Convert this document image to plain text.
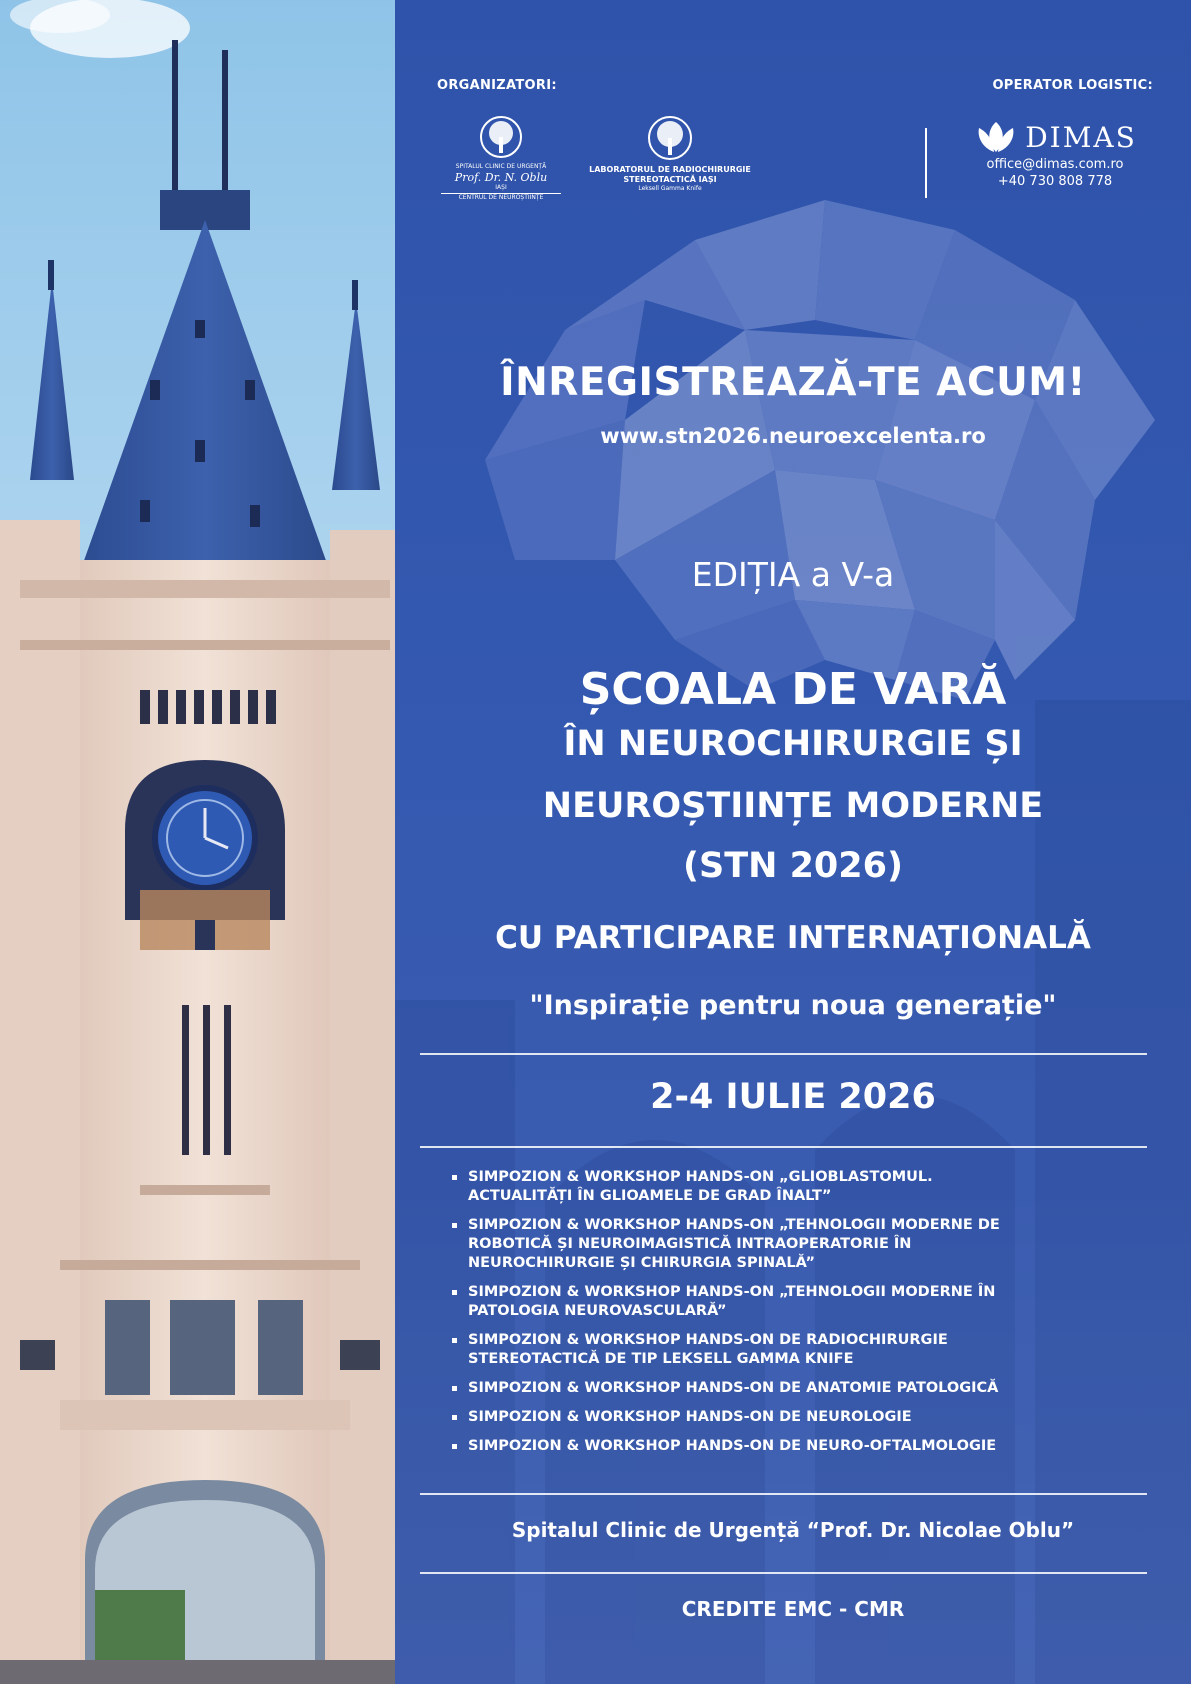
ORGANIZATORI:	OPERATOR LOGISTIC:
SPITALUL CLINIC DE URGENȚĂ
Prof. Dr. N. Oblu
IAȘI
CENTRUL DE NEUROȘTIINȚE
LABORATORUL DE RADIOCHIRURGIE
STEREOTACTICĂ IAȘI
Leksell Gamma Knife
DIMAS
office@dimas.com.ro
+40 730 808 778
ÎNREGISTREAZĂ-TE ACUM!
www.stn2026.neuroexcelenta.ro
EDIȚIA a V-a
ȘCOALA DE VARĂ
ÎN NEUROCHIRURGIE ȘI
NEUROȘTIINȚE MODERNE
(STN 2026)
CU PARTICIPARE INTERNAȚIONALĂ
"Inspirație pentru noua generație"
2-4 IULIE 2026
SIMPOZION & WORKSHOP HANDS-ON „GLIOBLASTOMUL.
ACTUALITĂȚI ÎN GLIOAMELE DE GRAD ÎNALT”
SIMPOZION & WORKSHOP HANDS-ON „TEHNOLOGII MODERNE DE
ROBOTICĂ ȘI NEUROIMAGISTICĂ INTRAOPERATORIE ÎN
NEUROCHIRURGIE ȘI CHIRURGIA SPINALĂ”
SIMPOZION & WORKSHOP HANDS-ON „TEHNOLOGII MODERNE ÎN
PATOLOGIA NEUROVASCULARĂ”
SIMPOZION & WORKSHOP HANDS-ON DE RADIOCHIRURGIE
STEREOTACTICĂ DE TIP LEKSELL GAMMA KNIFE
SIMPOZION & WORKSHOP HANDS-ON DE ANATOMIE PATOLOGICĂ
SIMPOZION & WORKSHOP HANDS-ON DE NEUROLOGIE
SIMPOZION & WORKSHOP HANDS-ON DE NEURO-OFTALMOLOGIE
Spitalul Clinic de Urgență “Prof. Dr. Nicolae Oblu”
CREDITE EMC - CMR
